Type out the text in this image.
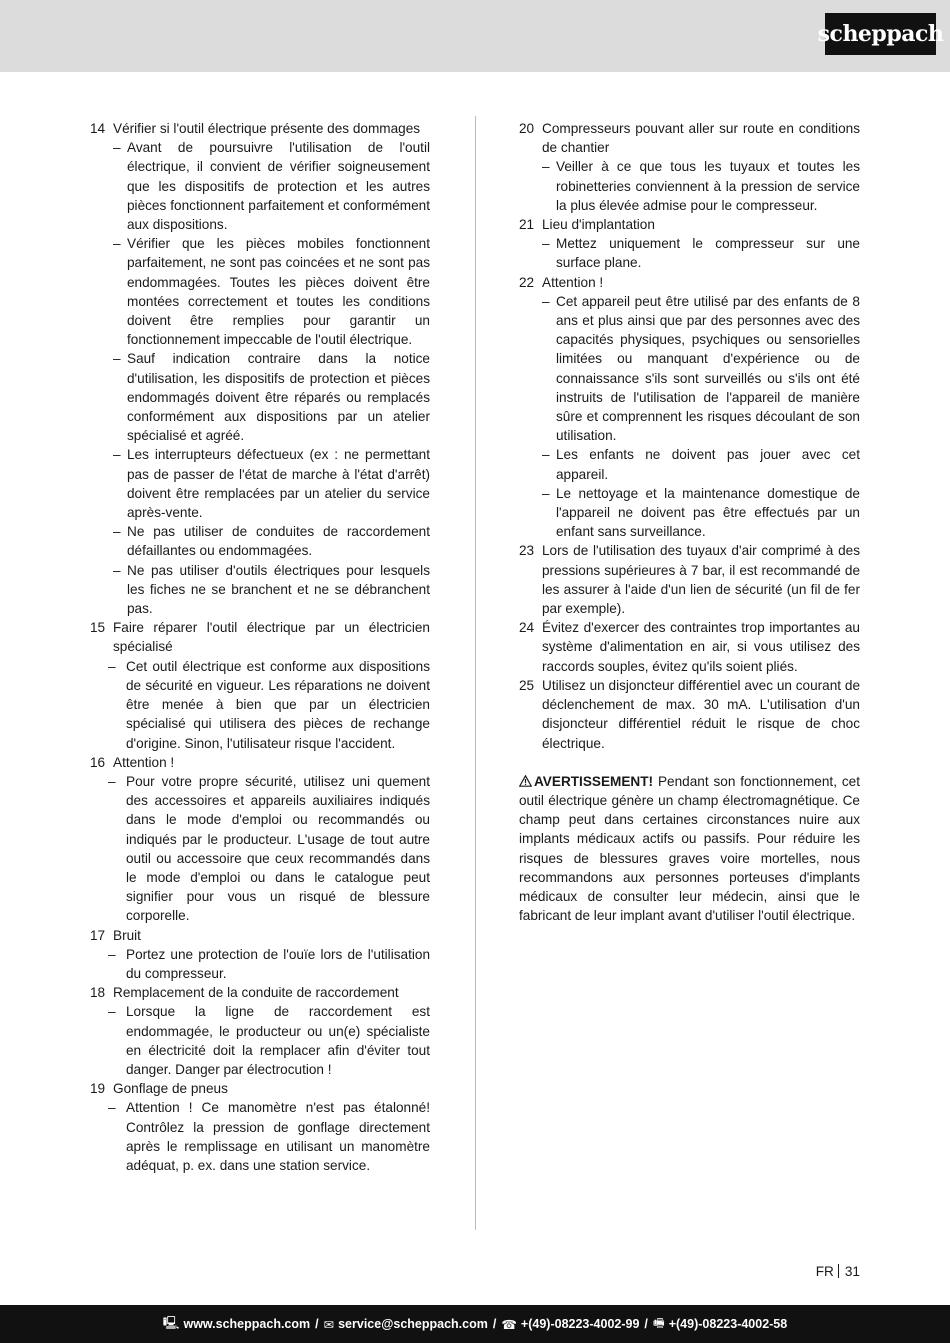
scheppach
14 Vérifier si l'outil électrique présente des dommages
– Avant de poursuivre l'utilisation de l'outil électrique, il convient de vérifier soigneusement que les dispositifs de protection et les autres pièces fonctionnent parfaitement et conformément aux dispositions.
– Vérifier que les pièces mobiles fonctionnent parfaitement, ne sont pas coincées et ne sont pas endommagées. Toutes les pièces doivent être montées correctement et toutes les conditions doivent être remplies pour garantir un fonctionnement impeccable de l'outil électrique.
– Sauf indication contraire dans la notice d'utilisation, les dispositifs de protection et pièces endommagés doivent être réparés ou remplacés conformément aux dispositions par un atelier spécialisé et agréé.
– Les interrupteurs défectueux (ex : ne permettant pas de passer de l'état de marche à l'état d'arrêt) doivent être remplacées par un atelier du service après-vente.
– Ne pas utiliser de conduites de raccordement défaillantes ou endommagées.
– Ne pas utiliser d'outils électriques pour lesquels les fiches ne se branchent et ne se débranchent pas.
15 Faire réparer l'outil électrique par un électricien spécialisé
– Cet outil électrique est conforme aux dispositions de sécurité en vigueur. Les réparations ne doivent être menée à bien que par un électricien spécialisé qui utilisera des pièces de rechange d'origine. Sinon, l'utilisateur risque l'accident.
16 Attention !
– Pour votre propre sécurité, utilisez uni quement des accessoires et appareils auxiliaires indiqués dans le mode d'emploi ou recommandés ou indiqués par le producteur. L'usage de tout autre outil ou accessoire que ceux recommandés dans le mode d'emploi ou dans le catalogue peut signifier pour vous un risqué de blessure corporelle.
17 Bruit
– Portez une protection de l'ouïe lors de l'utilisation du compresseur.
18 Remplacement de la conduite de raccordement
– Lorsque la ligne de raccordement est endommagée, le producteur ou un(e) spécialiste en électricité doit la remplacer afin d'éviter tout danger. Danger par électrocution !
19 Gonflage de pneus
– Attention ! Ce manomètre n'est pas étalonné! Contrôlez la pression de gonflage directement après le remplissage en utilisant un manomètre adéquat, p. ex. dans une station service.
20 Compresseurs pouvant aller sur route en conditions de chantier
– Veiller à ce que tous les tuyaux et toutes les robinetteries conviennent à la pression de service la plus élevée admise pour le compresseur.
21 Lieu d'implantation
– Mettez uniquement le compresseur sur une surface plane.
22 Attention !
– Cet appareil peut être utilisé par des enfants de 8 ans et plus ainsi que par des personnes avec des capacités physiques, psychiques ou sensorielles limitées ou manquant d'expérience ou de connaissance s'ils sont surveillés ou s'ils ont été instruits de l'utilisation de l'appareil de manière sûre et comprennent les risques découlant de son utilisation.
– Les enfants ne doivent pas jouer avec cet appareil.
– Le nettoyage et la maintenance domestique de l'appareil ne doivent pas être effectués par un enfant sans surveillance.
23 Lors de l'utilisation des tuyaux d'air comprimé à des pressions supérieures à 7 bar, il est recommandé de les assurer à l'aide d'un lien de sécurité (un fil de fer par exemple).
24 Évitez d'exercer des contraintes trop importantes au système d'alimentation en air, si vous utilisez des raccords souples, évitez qu'ils soient pliés.
25 Utilisez un disjoncteur différentiel avec un courant de déclenchement de max. 30 mA. L'utilisation d'un disjoncteur différentiel réduit le risque de choc électrique.
AVERTISSEMENT! Pendant son fonctionnement, cet outil électrique génère un champ électromagnétique. Ce champ peut dans certaines circonstances nuire aux implants médicaux actifs ou passifs. Pour réduire les risques de blessures graves voire mortelles, nous recommandons aux personnes porteuses d'implants médicaux de consulter leur médecin, ainsi que le fabricant de leur implant avant d'utiliser l'outil électrique.
FR 31
🖳 www.scheppach.com / ✉ service@scheppach.com / ☎ +(49)-08223-4002-99 / 🖷 +(49)-08223-4002-58
